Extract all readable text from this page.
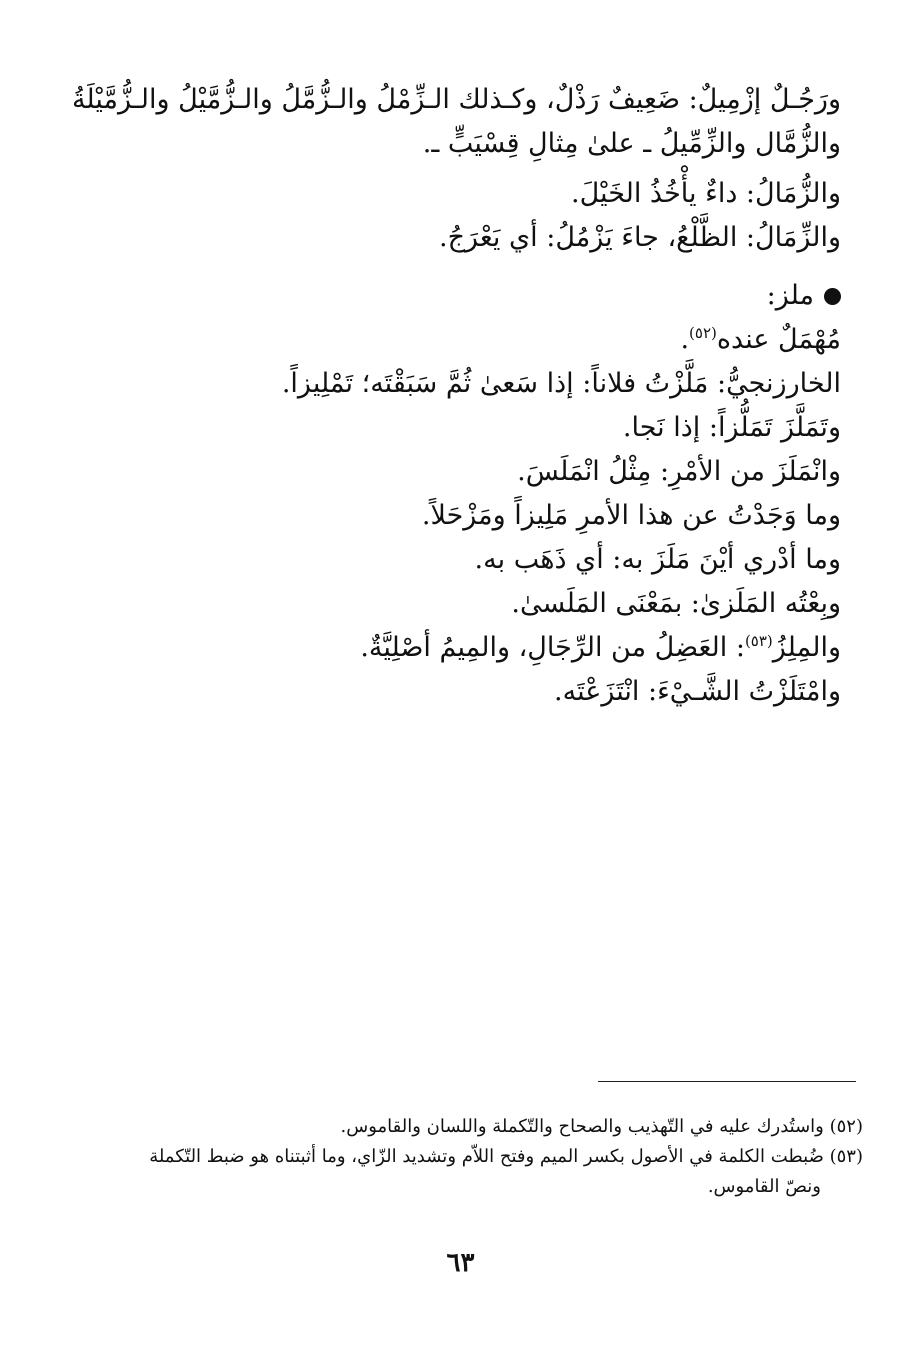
ورَجُـلٌ إزْمِيلٌ: ضَعِيفٌ رَذْلٌ، وكـذلك الـزِّمْلُ والـزُّمَّلُ والـزُّمَّيْلُ والـزُّمَّيْلَةُ
والزُّمَّال والزِّمِّيلُ ـ علىٰ مِثالِ قِسْيَبٍّ ـ.
والزُّمَالُ: داءٌ يأْخُذُ الخَيْلَ.
والزِّمَالُ: الظَّلْعُ، جاءَ يَزْمُلُ: أي يَعْرَجُ.
ملز:
مُهْمَلٌ عنده$^{(٥٢)}$.
الخارزنجيُّ: مَلَّزْتُ فلاناً: إذا سَعىٰ ثُمَّ سَبَقْتَه؛ تَمْلِيزاً.
وتَمَلَّزَ تَمَلُّزاً: إذا نَجا.
وانْمَلَزَ من الأمْرِ: مِثْلُ انْمَلَسَ.
وما وَجَدْتُ عن هذا الأمرِ مَلِيزاً ومَزْحَلاً.
وما أدْري أيْنَ مَلَزَ به: أي ذَهَب به.
وبِعْتُه المَلَزىٰ: بمَعْنَى المَلَسىٰ.
والمِلِزُ$^{(٥٣)}$: العَضِلُ من الرِّجَالِ، والمِيمُ أصْلِيَّةٌ.
وامْتَلَزْتُ الشَّـيْءَ: انْتَزَعْتَه.
(٥٢) واستُدرك عليه في التّهذيب والصحاح والتّكملة واللسان والقاموس.
(٥٣) ضُبطت الكلمة في الأصول بكسر الميم وفتح اللاّم وتشديد الزّاي، وما أثبتناه هو ضبط التّكملة
ونصّ القاموس.
٦٣
